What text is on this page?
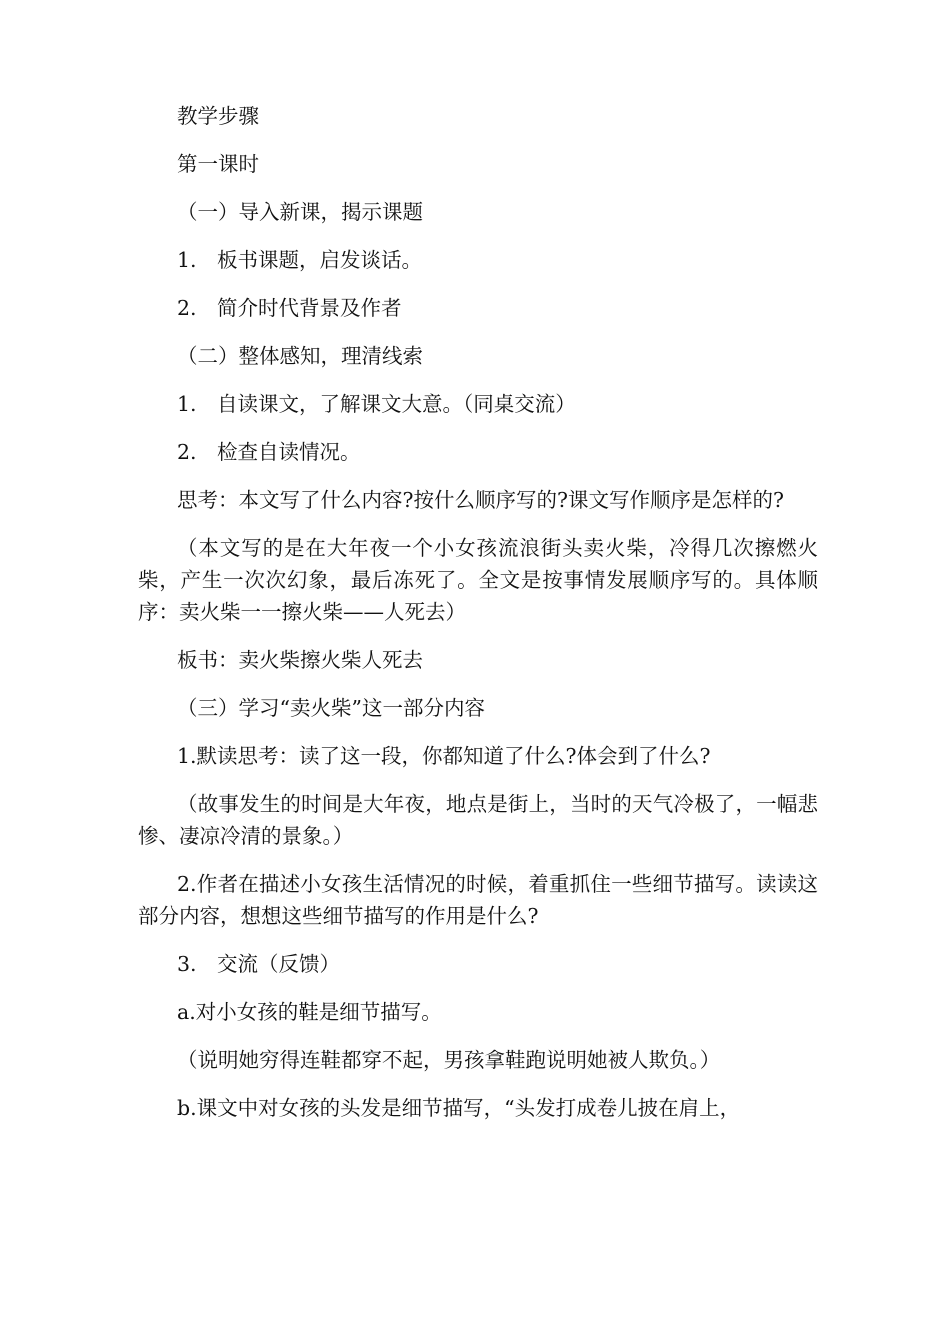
教学步骤

第一课时

（一）导入新课，揭示课题

1.　板书课题，启发谈话。

2.　简介时代背景及作者

（二）整体感知，理清线索

1.　自读课文，了解课文大意。（同桌交流）

2.　检查自读情况。

思考：本文写了什么内容?按什么顺序写的?课文写作顺序是怎样的?

（本文写的是在大年夜一个小女孩流浪街头卖火柴，冷得几次擦燃火柴，产生一次次幻象，最后冻死了。全文是按事情发展顺序写的。具体顺序：卖火柴一一擦火柴——人死去）

板书：卖火柴擦火柴人死去

（三）学习“卖火柴”这一部分内容

1.默读思考：读了这一段，你都知道了什么?体会到了什么?

（故事发生的时间是大年夜，地点是街上，当时的天气冷极了，一幅悲惨、凄凉冷清的景象。）

2.作者在描述小女孩生活情况的时候，着重抓住一些细节描写。读读这部分内容，想想这些细节描写的作用是什么?

3.　交流（反馈）

a.对小女孩的鞋是细节描写。

（说明她穷得连鞋都穿不起，男孩拿鞋跑说明她被人欺负。）

b.课文中对女孩的头发是细节描写，“头发打成卷儿披在肩上，
